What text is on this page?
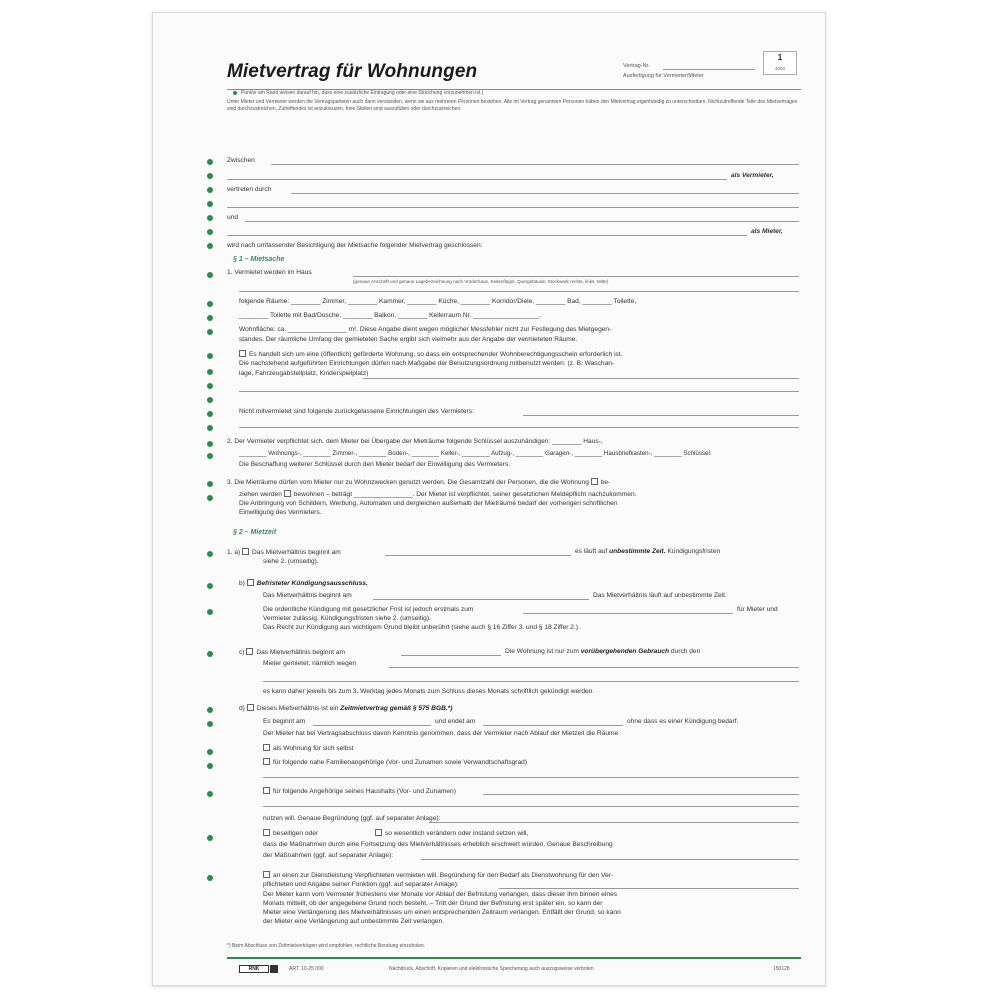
Mietvertrag für Wohnungen	Vertrag-Nr.
Ausfertigung für Vermieter/Mieter
1
4000
Punkte am Rand weisen darauf hin, dass eine zusätzliche Eintragung oder eine Streichung vorzunehmen ist.)
Unter Mieter und Vermieter werden die Vertragsparteien auch dann verstanden, wenn sie aus mehreren Personen bestehen. Alle im Vertrag genannten Personen haben den Mietvertrag eigenhändig zu unterschreiben. Nichtzutreffende Teile des Mietvertrages sind durchzustreichen, Zutreffendes ist anzukreuzen, freie Stellen sind auszufüllen oder durchzustreichen.
Zwischen
als Vermieter,
vertreten durch
und
als Mieter,
wird nach umfassender Besichtigung der Mietsache folgender Mietvertrag geschlossen:
§ 1 – Mietsache
1. Vermietet werden im Haus
(genaue Anschrift und genaue Lagebezeichnung nach Vorderhaus, Seitenflügel, Quergebäude, Stockwerk rechts, links, Mitte)
folgende Räume: ________ Zimmer, ________ Kammer, ________ Küche, ________ Korridor/Diele, ________ Bad, ________ Toilette,
________ Toilette mit Bad/Dusche, ________ Balkon, ________ Kellerraum Nr. __________________,
Wohnfläche: ca. ________________ m². Diese Angabe dient wegen möglicher Messfehler nicht zur Festlegung des Mietgegen-
standes. Der räumliche Umfang der gemieteten Sache ergibt sich vielmehr aus der Angabe der vermieteten Räume.
Es handelt sich um eine (öffentlich) geförderte Wohnung, so dass ein entsprechender Wohnberechtigungsschein erforderlich ist.
Die nachstehend aufgeführten Einrichtungen dürfen nach Maßgabe der Benutzungsordnung mitbenutzt werden: (z. B. Waschan-
lage, Fahrzeugabstellplatz, Kinderspielplatz)
Nicht mitvermietet sind folgende zurückgelassene Einrichtungen des Vermieters:
2. Der Vermieter verpflichtet sich, dem Mieter bei Übergabe der Mieträume folgende Schlüssel auszuhändigen: ________ Haus-,
________ Wohnungs-, ________ Zimmer-, ________ Boden-, ________ Keller-, ________ Aufzug-, ________ Garagen-, ________ Hausbriefkasten-, ________ Schlüssel.
Die Beschaffung weiterer Schlüssel durch den Mieter bedarf der Einwilligung des Vermieters.
3. Die Mieträume dürfen vom Mieter nur zu Wohnzwecken genutzt werden. Die Gesamtzahl der Personen, die die Wohnung be-
ziehen werden bewohnen – beträgt ________________. Der Mieter ist verpflichtet, seiner gesetzlichen Meldepflicht nachzukommen.
Die Anbringung von Schildern, Werbung, Automaten und dergleichen außerhalb der Mieträume bedarf der vorherigen schriftlichen
Einwilligung des Vermieters.
§ 2 – Mietzeit
1. a) Das Mietverhältnis beginnt am	es läuft auf unbestimmte Zeit. Kündigungsfristen
siehe 2. (umseitig).
b) Befristeter Kündigungsausschluss.
Das Mietverhältnis beginnt am	Das Mietverhältnis läuft auf unbestimmte Zeit.
Die ordentliche Kündigung mit gesetzlicher Frist ist jedoch erstmals zum	für Mieter und
Vermieter zulässig. Kündigungsfristen siehe 2. (umseitig).
Das Recht zur Kündigung aus wichtigem Grund bleibt unberührt (siehe auch § 16 Ziffer 3. und § 18 Ziffer 2.).
c) Das Mietverhältnis beginnt am	Die Wohnung ist nur zum vorübergehenden Gebrauch durch den
Mieter gemietet, nämlich wegen
es kann daher jeweils bis zum 3. Werktag jedes Monats zum Schluss dieses Monats schriftlich gekündigt werden.
d) Dieses Mietverhältnis ist ein Zeitmietvertrag gemäß § 575 BGB.*)
Es beginnt am	und endet am	ohne dass es einer Kündigung bedarf.
Der Mieter hat bei Vertragsabschluss davon Kenntnis genommen, dass der Vermieter nach Ablauf der Mietzeit die Räume
als Wohnung für sich selbst
für folgende nahe Familienangehörige (Vor- und Zunamen sowie Verwandtschaftsgrad)
für folgende Angehörige seines Haushalts (Vor- und Zunamen)
nutzen will. Genaue Begründung (ggf. auf separater Anlage):
beseitigen oder	so wesentlich verändern oder instand setzen will,
dass die Maßnahmen durch eine Fortsetzung des Mietverhältnisses erheblich erschwert würden. Genaue Beschreibung
der Maßnahmen (ggf. auf separater Anlage):
an einen zur Dienstleistung Verpflichteten vermieten will. Begründung für den Bedarf als Dienstwohnung für den Ver-
pflichteten und Angabe seiner Funktion (ggf. auf separater Anlage):
Der Mieter kann vom Vermieter frühestens vier Monate vor Ablauf der Befristung verlangen, dass dieser ihm binnen eines
Monats mitteilt, ob der angegebene Grund noch besteht. – Tritt der Grund der Befristung erst später ein, so kann der
Mieter eine Verlängerung des Mietverhältnisses um einen entsprechenden Zeitraum verlangen. Entfällt der Grund, so kann
der Mieter eine Verlängerung auf unbestimmte Zeit verlangen.
*) Beim Abschluss von Zeitmietverträgen wird empfohlen, rechtliche Beratung einzuholen.
RNK	ART. 10-25 000	Nachdruck, Abschrift, Kopieren und elektronische Speicherung auch auszugsweise verboten.	150128
